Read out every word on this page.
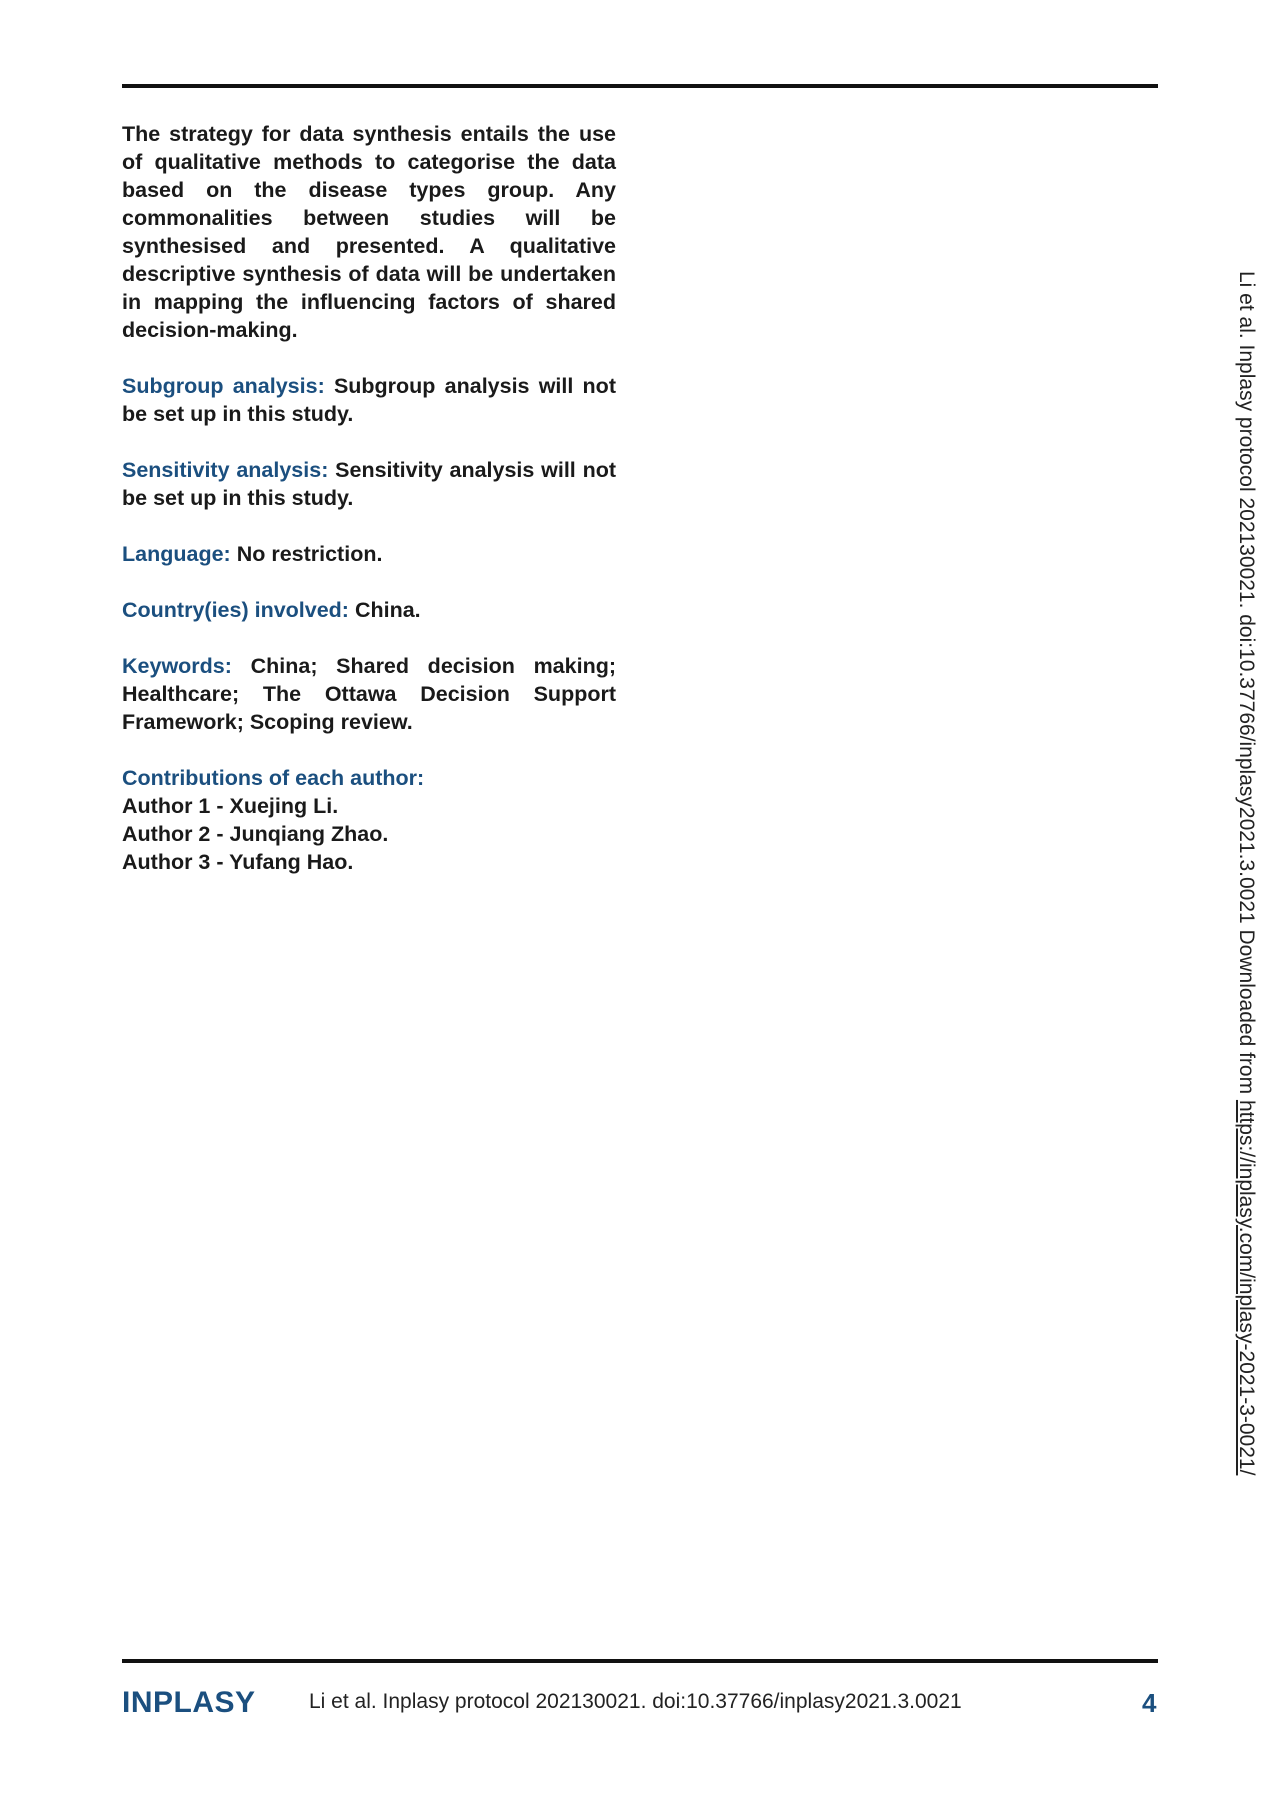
The strategy for data synthesis entails the use of qualitative methods to categorise the data based on the disease types group. Any commonalities between studies will be synthesised and presented. A qualitative descriptive synthesis of data will be undertaken in mapping the influencing factors of shared decision-making.

Subgroup analysis: Subgroup analysis will not be set up in this study.

Sensitivity analysis: Sensitivity analysis will not be set up in this study.

Language: No restriction.

Country(ies) involved: China.

Keywords: China; Shared decision making; Healthcare; The Ottawa Decision Support Framework; Scoping review.

Contributions of each author:
Author 1 - Xuejing Li.
Author 2 - Junqiang Zhao.
Author 3 - Yufang Hao.	Li et al. Inplasy protocol 202130021. doi:10.37766/inplasy2021.3.0021 Downloaded from https://inplasy.com/inplasy-2021-3-0021/
INPLASY	Li et al. Inplasy protocol 202130021. doi:10.37766/inplasy2021.3.0021	4
